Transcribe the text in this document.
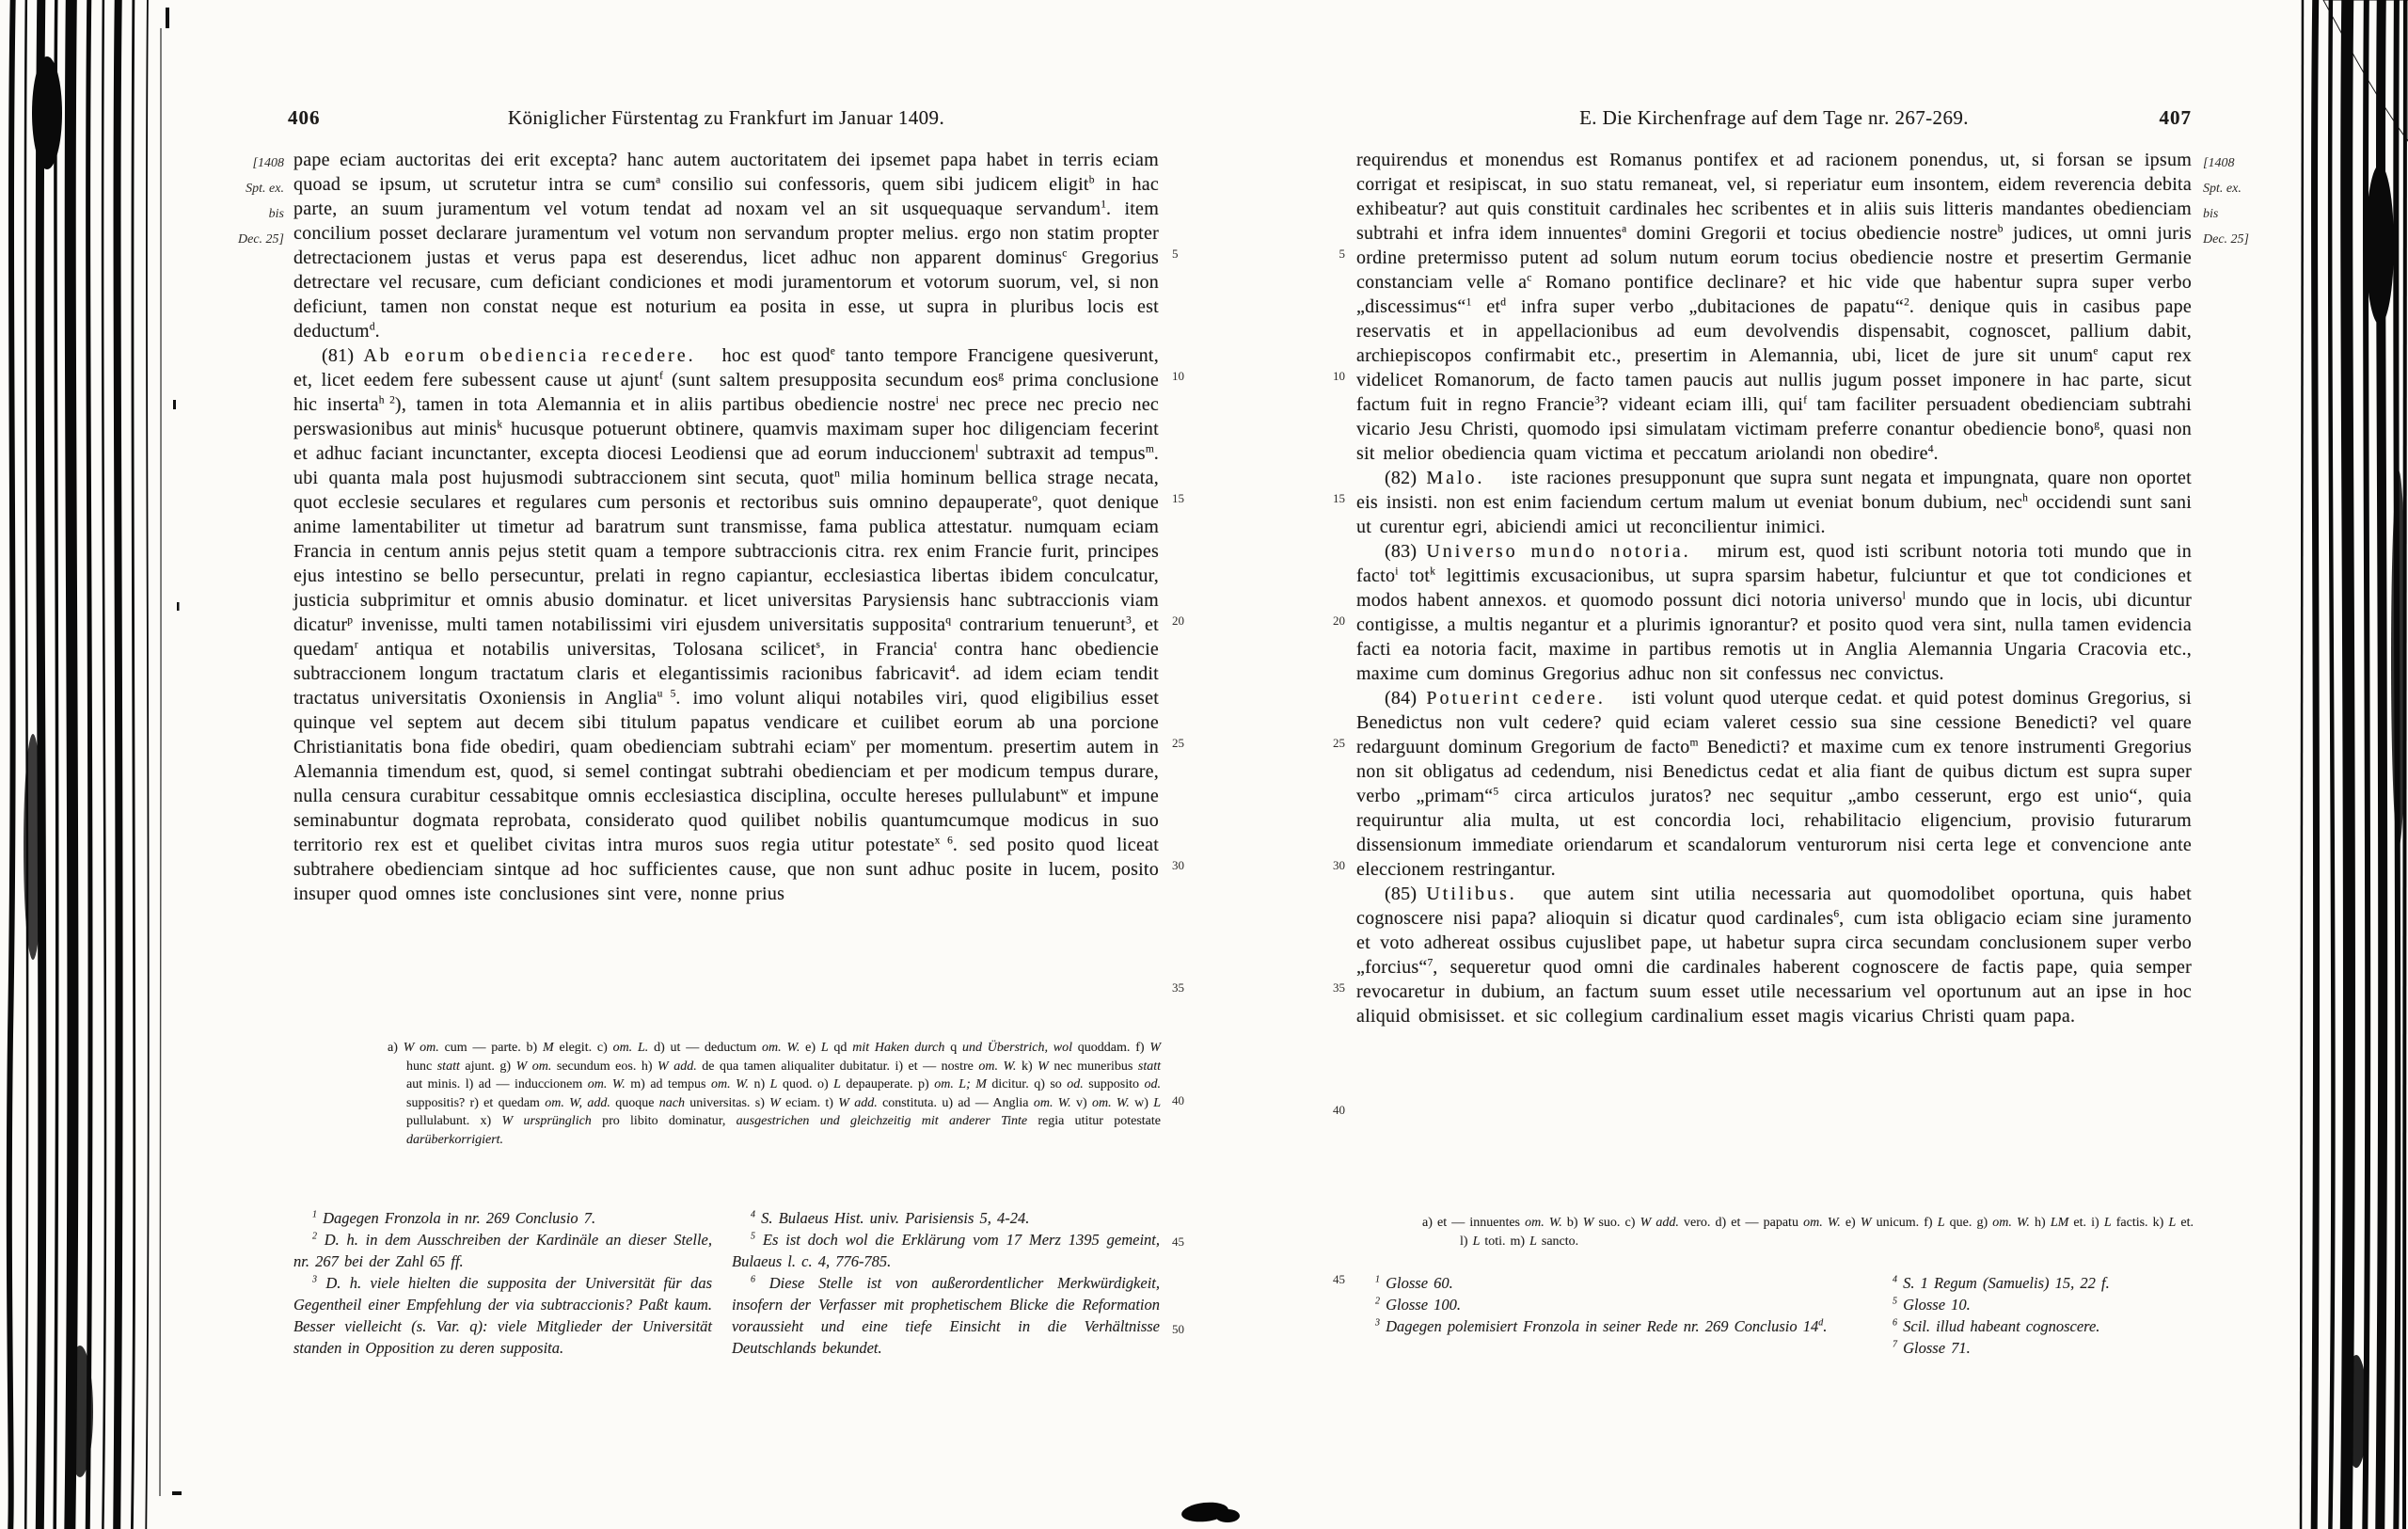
406	Königlicher Fürstentag zu Frankfurt im Januar 1409.
[1408
Spt. ex.
bis
Dec. 25]

pape eciam auctoritas dei erit excepta? hanc autem auctoritatem dei ipsemet papa habet in terris eciam quoad se ipsum, ut scrutetur intra se cum$^a$ consilio sui confessoris, quem sibi judicem eligit$^b$ in hac parte, an suum juramentum vel votum tendat ad noxam vel an sit usquequaque servandum$^1$. item concilium posset declarare juramentum vel votum non servandum propter melius. ergo non statim propter detrectacionem justas et verus papa est deserendus, licet adhuc non apparent dominus$^c$ Gregorius detrectare vel recusare, cum deficiant condiciones et modi juramentorum et votorum suorum, vel, si non deficiunt, tamen non constat neque est noturium ea posita in esse, ut supra in pluribus locis est deductum$^d$.

(81) Ab eorum obediencia recedere. hoc est quod$^e$ tanto tempore Francigene quesiverunt, et, licet eedem fere subessent cause ut ajunt$^f$ (sunt saltem presupposita secundum eos$^g$ prima conclusione hic inserta$^{h 2}$), tamen in tota Alemannia et in aliis partibus obediencie nostre$^i$ nec prece nec precio nec perswasionibus aut minis$^k$ hucusque potuerunt obtinere, quamvis maximam super hoc diligenciam fecerint et adhuc faciant incunctanter, excepta diocesi Leodiensi que ad eorum induccionem$^l$ subtraxit ad tempus$^m$. ubi quanta mala post hujusmodi subtraccionem sint secuta, quot$^n$ milia hominum bellica strage necata, quot ecclesie seculares et regulares cum personis et rectoribus suis omnino depauperate$^o$, quot denique anime lamentabiliter ut timetur ad baratrum sunt transmisse, fama publica attestatur. numquam eciam Francia in centum annis pejus stetit quam a tempore subtraccionis citra. rex enim Francie furit, principes ejus intestino se bello persecuntur, prelati in regno capiantur, ecclesiastica libertas ibidem conculcatur, justicia subprimitur et omnis abusio dominatur. et licet universitas Parysiensis hanc subtraccionis viam dicatur$^p$ invenisse, multi tamen notabilissimi viri ejusdem universitatis supposita$^q$ contrarium tenuerunt$^3$, et quedam$^r$ antiqua et notabilis universitas, Tolosana scilicet$^s$, in Francia$^t$ contra hanc obediencie subtraccionem longum tractatum claris et elegantissimis racionibus fabricavit$^4$. ad idem eciam tendit tractatus universitatis Oxoniensis in Anglia$^{u 5}$. imo volunt aliqui notabiles viri, quod eligibilius esset quinque vel septem aut decem sibi titulum papatus vendicare et cuilibet eorum ab una porcione Christianitatis bona fide obediri, quam obedienciam subtrahi eciam$^v$ per momentum. presertim autem in Alemannia timendum est, quod, si semel contingat subtrahi obedienciam et per modicum tempus durare, nulla censura curabitur cessabitque omnis ecclesiastica disciplina, occulte hereses pullulabunt$^w$ et impune seminabuntur dogmata reprobata, considerato quod quilibet nobilis quantumcumque modicus in suo territorio rex est et quelibet civitas intra muros suos regia utitur potestate$^{x 6}$. sed posito quod liceat subtrahere obedienciam sintque ad hoc sufficientes cause, que non sunt adhuc posite in lucem, posito insuper quod omnes iste conclusiones sint vere, nonne prius

5
10
15
20
25
30
35
40
45
50

a) W om. cum — parte. b) M elegit. c) om. L. d) ut — deductum om. W. e) L qd mit Haken durch q und Überstrich, wol quoddam. f) W hunc statt ajunt. g) W om. secundum eos. h) W add. de qua tamen aliqualiter dubitatur. i) et — nostre om. W. k) W nec muneribus statt aut minis. l) ad — induccionem om. W. m) ad tempus om. W. n) L quod. o) L depauperate. p) om. L; M dicitur. q) so od. supposito od. suppositis? r) et quedam om. W, add. quoque nach universitas. s) W eciam. t) W add. constituta. u) ad — Anglia om. W. v) om. W. w) L pullulabunt. x) W ursprünglich pro libito dominatur, ausgestrichen und gleichzeitig mit anderer Tinte regia utitur potestate darüberkorrigiert.

$^1$ Dagegen Fronzola in nr. 269 Conclusio 7.

$^2$ D. h. in dem Ausschreiben der Kardinäle an dieser Stelle, nr. 267 bei der Zahl 65 ff.

$^3$ D. h. viele hielten die supposita der Universität für das Gegentheil einer Empfehlung der via subtraccionis? Paßt kaum. Besser vielleicht (s. Var. q): viele Mitglieder der Universität standen in Opposition zu deren supposita.

$^4$ S. Bulaeus Hist. univ. Parisiensis 5, 4-24.

$^5$ Es ist doch wol die Erklärung vom 17 Merz 1395 gemeint, Bulaeus l. c. 4, 776-785.

$^6$ Diese Stelle ist von außerordentlicher Merkwürdigkeit, insofern der Verfasser mit prophetischem Blicke die Reformation voraussieht und eine tiefe Einsicht in die Verhältnisse Deutschlands bekundet.

E. Die Kirchenfrage auf dem Tage nr. 267-269.	407
[1408
Spt. ex.
bis
Dec. 25]

requirendus et monendus est Romanus pontifex et ad racionem ponendus, ut, si forsan se ipsum corrigat et resipiscat, in suo statu remaneat, vel, si reperiatur eum insontem, eidem reverencia debita exhibeatur? aut quis constituit cardinales hec scribentes et in aliis suis litteris mandantes obedienciam subtrahi et infra idem innuentes$^a$ domini Gregorii et tocius obediencie nostre$^b$ judices, ut omni juris ordine pretermisso putent ad solum nutum eorum tocius obediencie nostre et presertim Germanie constanciam velle $a^c$ Romano pontifice declinare? et hic vide que habentur supra super verbo „discessimus“$^1$ $et^d$ infra super verbo „dubitaciones de papatu“$^2$. denique quis in casibus pape reservatis et in appellacionibus ad eum devolvendis dispensabit, cognoscet, pallium dabit, archiepiscopos confirmabit etc., presertim in Alemannia, ubi, licet de jure sit unum$^e$ caput rex videlicet Romanorum, de facto tamen paucis aut nullis jugum posset imponere in hac parte, sicut factum fuit in regno Francie$^3$? videant eciam illi, qui$^f$ tam faciliter persuadent obedienciam subtrahi vicario Jesu Christi, quomodo ipsi simulatam victimam preferre conantur obediencie bono$^g$, quasi non sit melior obediencia quam victima et peccatum ariolandi non obedire$^4$.

(82) Malo. iste raciones presupponunt que supra sunt negata et impungnata, quare non oportet eis insisti. non est enim faciendum certum malum ut eveniat bonum dubium, nec$^h$ occidendi sunt sani ut curentur egri, abiciendi amici ut reconcilientur inimici.

(83) Universo mundo notoria. mirum est, quod isti scribunt notoria toti mundo que in facto$^i$ tot$^k$ legittimis excusacionibus, ut supra sparsim habetur, fulciuntur et que tot condiciones et modos habent annexos. et quomodo possunt dici notoria universo$^l$ mundo que in locis, ubi dicuntur contigisse, a multis negantur et a plurimis ignorantur? et posito quod vera sint, nulla tamen evidencia facti ea notoria facit, maxime in partibus remotis ut in Anglia Alemannia Ungaria Cracovia etc., maxime cum dominus Gregorius adhuc non sit confessus nec convictus.

(84) Potuerint cedere. isti volunt quod uterque cedat. et quid potest dominus Gregorius, si Benedictus non vult cedere? quid eciam valeret cessio sua sine cessione Benedicti? vel quare redarguunt dominum Gregorium de facto$^m$ Benedicti? et maxime cum ex tenore instrumenti Gregorius non sit obligatus ad cedendum, nisi Benedictus cedat et alia fiant de quibus dictum est supra super verbo „primam“$^5$ circa articulos juratos? nec sequitur „ambo cesserunt, ergo est unio“, quia requiruntur alia multa, ut est concordia loci, rehabilitacio eligencium, provisio futurarum dissensionum immediate oriendarum et scandalorum venturorum nisi certa lege et convencione ante eleccionem restringantur.

(85) Utilibus. que autem sint utilia necessaria aut quomodolibet oportuna, quis habet cognoscere nisi papa? alioquin si dicatur quod cardinales$^6$, cum ista obligacio eciam sine juramento et voto adhereat ossibus cujuslibet pape, ut habetur supra circa secundam conclusionem super verbo „forcius“$^7$, sequeretur quod omni die cardinales haberent cognoscere de factis pape, quia semper revocaretur in dubium, an factum suum esset utile necessarium vel oportunum aut an ipse in hoc aliquid obmisisset. et sic collegium cardinalium esset magis vicarius Christi quam papa.

5
10
15
20
25
30
35
40
45

a) et — innuentes om. W. b) W suo. c) W add. vero. d) et — papatu om. W. e) W unicum. f) L que. g) om. W. h) LM et. i) L factis. k) L et. l) L toti. m) L sancto.

$^1$ Glosse 60.

$^2$ Glosse 100.

$^3$ Dagegen polemisiert Fronzola in seiner Rede nr. 269 Conclusio 14$^d$.

$^4$ S. 1 Regum (Samuelis) 15, 22 f.

$^5$ Glosse 10.

$^6$ Scil. illud habeant cognoscere.

$^7$ Glosse 71.
